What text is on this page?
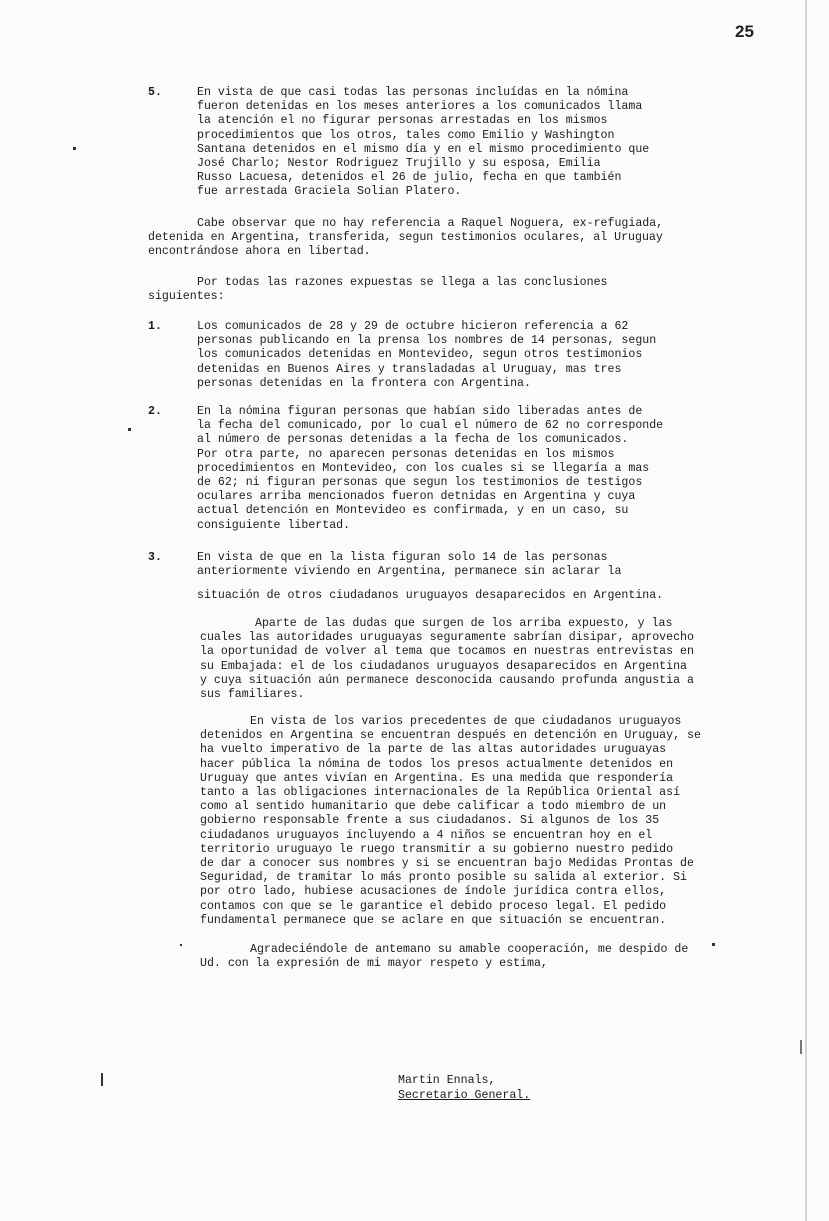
25
5.	En vista de que casi todas las personas incluídas en la nómina
fueron detenidas en los meses anteriores a los comunicados llama
la atención el no figurar personas arrestadas en los mismos
procedimientos que los otros, tales como Emilio y Washington
Santana detenidos en el mismo día y en el mismo procedimiento que
José Charlo; Nestor Rodriguez Trujillo y su esposa, Emilia
Russo Lacuesa, detenidos el 26 de julio, fecha en que también
fue arrestada Graciela Solian Platero.
Cabe observar que no hay referencia a Raquel Noguera, ex-refugiada,
detenida en Argentina, transferida, segun testimonios oculares, al Uruguay
encontrándose ahora en libertad.
Por todas las razones expuestas se llega a las conclusiones
siguientes:
1.	Los comunicados de 28 y 29 de octubre hicieron referencia a 62
personas publicando en la prensa los nombres de 14 personas, segun
los comunicados detenidas en Montevideo, segun otros testimonios
detenidas en Buenos Aires y transladadas al Uruguay, mas tres
personas detenidas en la frontera con Argentina.
2.	En la nómina figuran personas que habían sido liberadas antes de
la fecha del comunicado, por lo cual el número de 62 no corresponde
al número de personas detenidas a la fecha de los comunicados.
Por otra parte, no aparecen personas detenidas en los mismos
procedimientos en Montevideo, con los cuales si se llegaría a mas
de 62; ni figuran personas que segun los testimonios de testigos
oculares arriba mencionados fueron detnidas en Argentina y cuya
actual detención en Montevideo es confirmada, y en un caso, su
consiguiente libertad.
3.	En vista de que en la lista figuran solo 14 de las personas
anteriormente viviendo en Argentina, permanece sin aclarar la
situación de otros ciudadanos uruguayos desaparecidos en Argentina.
Aparte de las dudas que surgen de los arriba expuesto, y las
cuales las autoridades uruguayas seguramente sabrían disipar, aprovecho
la oportunidad de volver al tema que tocamos en nuestras entrevistas en
su Embajada: el de los ciudadanos uruguayos desaparecidos en Argentina
y cuya situación aún permanece desconocida causando profunda angustia a
sus familiares.
En vista de los varios precedentes de que ciudadanos uruguayos
detenidos en Argentina se encuentran después en detención en Uruguay, se
ha vuelto imperativo de la parte de las altas autoridades uruguayas
hacer pública la nómina de todos los presos actualmente detenidos en
Uruguay que antes vivían en Argentina. Es una medida que respondería
tanto a las obligaciones internacionales de la República Oriental así
como al sentido humanitario que debe calificar a todo miembro de un
gobierno responsable frente a sus ciudadanos. Si algunos de los 35
ciudadanos uruguayos incluyendo a 4 niños se encuentran hoy en el
territorio uruguayo le ruego transmitir a su gobierno nuestro pedido
de dar a conocer sus nombres y si se encuentran bajo Medidas Prontas de
Seguridad, de tramitar lo más pronto posible su salida al exterior. Si
por otro lado, hubiese acusaciones de índole jurídica contra ellos,
contamos con que se le garantice el debido proceso legal. El pedido
fundamental permanece que se aclare en que situación se encuentran.
Agradeciéndole de antemano su amable cooperación, me despido de
Ud. con la expresión de mi mayor respeto y estima,
Martin Ennals,
Secretario General.
